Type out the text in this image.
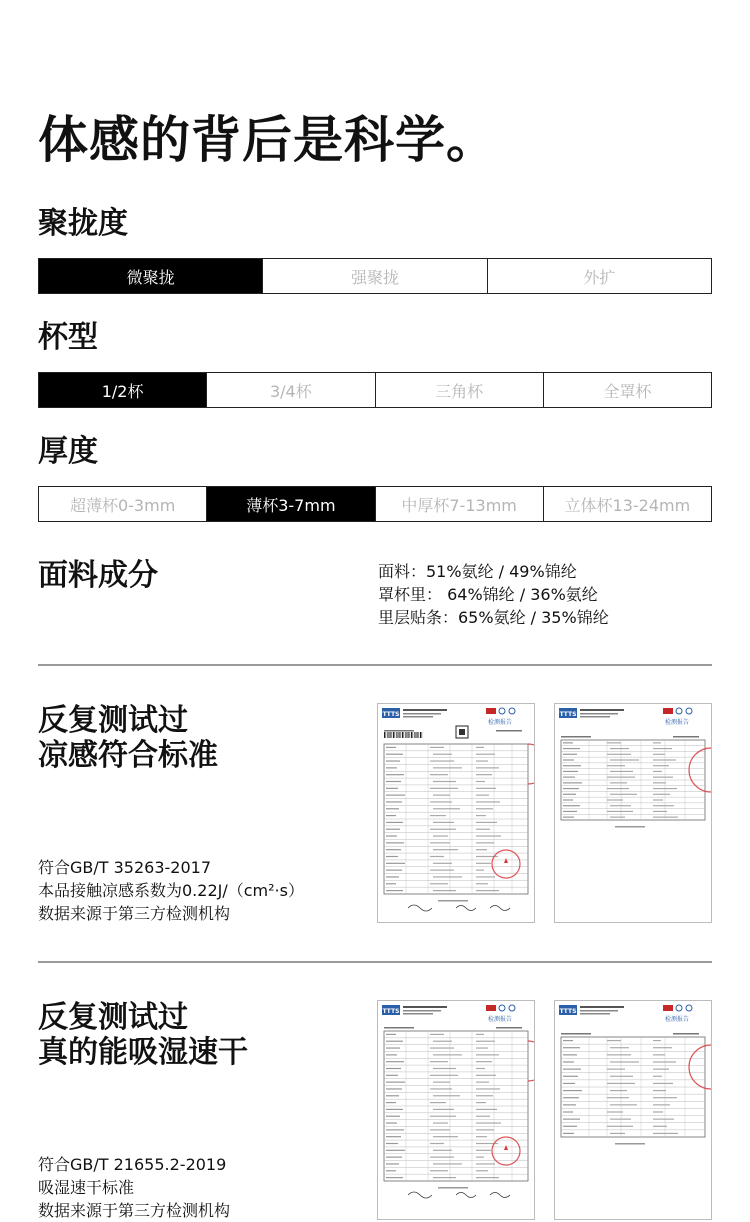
体感的背后是科学。
聚拢度
微聚拢	强聚拢	外扩
杯型
1/2杯	3/4杯	三角杯	全罩杯
厚度
超薄杯0-3mm	薄杯3-7mm	中厚杯7-13mm	立体杯13-24mm
面料成分	面料：51%氨纶 / 49%锦纶
罩杯里： 64%锦纶 / 36%氨纶
里层贴条：65%氨纶 / 35%锦纶
反复测试过
凉感符合标准
符合GB/T 35263-2017
本品接触凉感系数为0.22J/（cm²·s）
数据来源于第三方检测机构
TTTS
检测报告
TTTS
检测报告
反复测试过
真的能吸湿速干
符合GB/T 21655.2-2019
吸湿速干标准
数据来源于第三方检测机构
TTTS
检测报告
TTTS
检测报告
